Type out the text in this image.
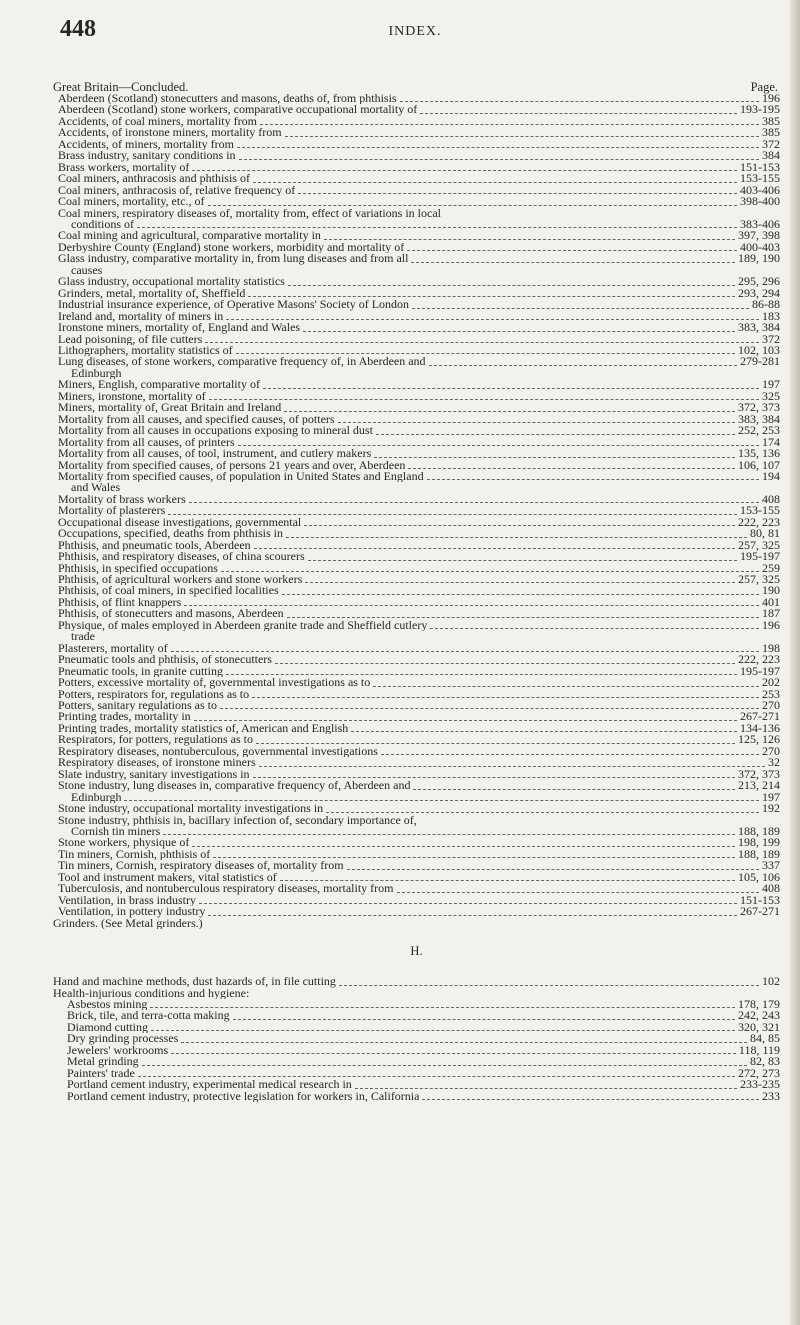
448	INDEX.
Great Britain—Concluded.	Page.
Aberdeen (Scotland) stonecutters and masons, deaths of, from phthisis	196
Aberdeen (Scotland) stone workers, comparative occupational mortality of	193-195
Accidents, of coal miners, mortality from	385
Accidents, of ironstone miners, mortality from	385
Accidents, of miners, mortality from	372
Brass industry, sanitary conditions in	384
Brass workers, mortality of	151-153
Coal miners, anthracosis and phthisis of	153-155
Coal miners, anthracosis of, relative frequency of	403-406
Coal miners, mortality, etc., of	398-400
Coal miners, respiratory diseases of, mortality from, effect of variations in local
conditions of	383-406
Coal mining and agricultural, comparative mortality in	397, 398
Derbyshire County (England) stone workers, morbidity and mortality of	400-403
Glass industry, comparative mortality in, from lung diseases and from all	189, 190
causes
Glass industry, occupational mortality statistics	295, 296
Grinders, metal, mortality of, Sheffield	293, 294
Industrial insurance experience, of Operative Masons' Society of London	86-88
Ireland and, mortality of miners in	183
Ironstone miners, mortality of, England and Wales	383, 384
Lead poisoning, of file cutters	372
Lithographers, mortality statistics of	102, 103
Lung diseases, of stone workers, comparative frequency of, in Aberdeen and	279-281
Edinburgh
Miners, English, comparative mortality of	197
Miners, ironstone, mortality of	325
Miners, mortality of, Great Britain and Ireland	372, 373
Mortality from all causes, and specified causes, of potters	383, 384
Mortality from all causes in occupations exposing to mineral dust	252, 253
Mortality from all causes, of printers	174
Mortality from all causes, of tool, instrument, and cutlery makers	135, 136
Mortality from specified causes, of persons 21 years and over, Aberdeen	106, 107
Mortality from specified causes, of population in United States and England	194
and Wales
Mortality of brass workers	408
Mortality of plasterers	153-155
Occupational disease investigations, governmental	222, 223
Occupations, specified, deaths from phthisis in	80, 81
Phthisis, and pneumatic tools, Aberdeen	257, 325
Phthisis, and respiratory diseases, of china scourers	195-197
Phthisis, in specified occupations	259
Phthisis, of agricultural workers and stone workers	257, 325
Phthisis, of coal miners, in specified localities	190
Phthisis, of flint knappers	401
Phthisis, of stonecutters and masons, Aberdeen	187
Physique, of males employed in Aberdeen granite trade and Sheffield cutlery	196
trade
Plasterers, mortality of	198
Pneumatic tools and phthisis, of stonecutters	222, 223
Pneumatic tools, in granite cutting	195-197
Potters, excessive mortality of, governmental investigations as to	202
Potters, respirators for, regulations as to	253
Potters, sanitary regulations as to	270
Printing trades, mortality in	267-271
Printing trades, mortality statistics of, American and English	134-136
Respirators, for potters, regulations as to	125, 126
Respiratory diseases, nontuberculous, governmental investigations	270
Respiratory diseases, of ironstone miners	32
Slate industry, sanitary investigations in	372, 373
Stone industry, lung diseases in, comparative frequency of, Aberdeen and	213, 214
Edinburgh	197
Stone industry, occupational mortality investigations in	192
Stone industry, phthisis in, bacillary infection of, secondary importance of,
Cornish tin miners	188, 189
Stone workers, physique of	198, 199
Tin miners, Cornish, phthisis of	188, 189
Tin miners, Cornish, respiratory diseases of, mortality from	337
Tool and instrument makers, vital statistics of	105, 106
Tuberculosis, and nontuberculous respiratory diseases, mortality from	408
Ventilation, in brass industry	151-153
Ventilation, in pottery industry	267-271
Grinders. (See Metal grinders.)
H.
Hand and machine methods, dust hazards of, in file cutting	102
Health-injurious conditions and hygiene:
Asbestos mining	178, 179
Brick, tile, and terra-cotta making	242, 243
Diamond cutting	320, 321
Dry grinding processes	84, 85
Jewelers' workrooms	118, 119
Metal grinding	82, 83
Painters' trade	272, 273
Portland cement industry, experimental medical research in	233-235
Portland cement industry, protective legislation for workers in, California	233
